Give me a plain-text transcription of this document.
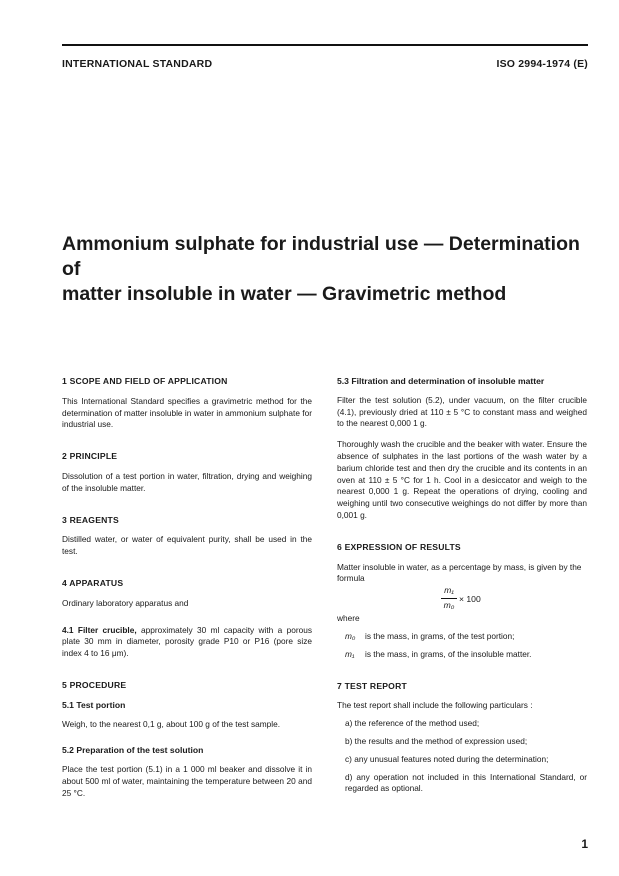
INTERNATIONAL STANDARD	ISO 2994-1974 (E)
Ammonium sulphate for industrial use — Determination of
matter insoluble in water — Gravimetric method
1 SCOPE AND FIELD OF APPLICATION

This International Standard specifies a gravimetric method for the determination of matter insoluble in water in ammonium sulphate for industrial use.

2 PRINCIPLE

Dissolution of a test portion in water, filtration, drying and weighing of the insoluble matter.

3 REAGENTS

Distilled water, or water of equivalent purity, shall be used in the test.

4 APPARATUS

Ordinary laboratory apparatus and

4.1 Filter crucible, approximately 30 ml capacity with a porous plate 30 mm in diameter, porosity grade P10 or P16 (pore size index 4 to 16 μm).

5 PROCEDURE
5.1 Test portion

Weigh, to the nearest 0,1 g, about 100 g of the test sample.

5.2 Preparation of the test solution

Place the test portion (5.1) in a 1 000 ml beaker and dissolve it in about 500 ml of water, maintaining the temperature between 20 and 25 °C.

5.3 Filtration and determination of insoluble matter

Filter the test solution (5.2), under vacuum, on the filter crucible (4.1), previously dried at 110 ± 5 °C to constant mass and weighed to the nearest 0,000 1 g.

Thoroughly wash the crucible and the beaker with water. Ensure the absence of sulphates in the last portions of the wash water by a barium chloride test and then dry the crucible and its contents in an oven at 110 ± 5 °C for 1 h. Cool in a desiccator and weigh to the nearest 0,000 1 g. Repeat the operations of drying, cooling and weighing until two consecutive weighings do not differ by more than 0,001 g.

6 EXPRESSION OF RESULTS

Matter insoluble in water, as a percentage by mass, is given by the formula

m₁
m₀
× 100

where

m₀	is the mass, in grams, of the test portion;
m₁	is the mass, in grams, of the insoluble matter.
7 TEST REPORT

The test report shall include the following particulars :

a) the reference of the method used;

b) the results and the method of expression used;

c) any unusual features noted during the determination;

d) any operation not included in this International Standard, or regarded as optional.

1
